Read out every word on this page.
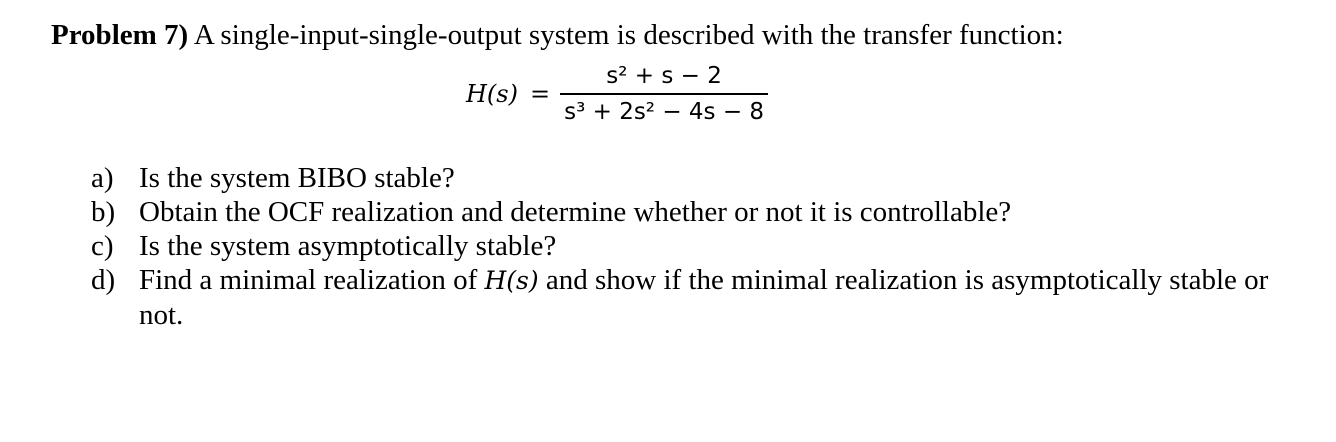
Problem 7) A single-input-single-output system is described with the transfer function:
$H(s) = \frac{\text{s² + s − 2}}{\text{s³ + 2s² − 4s − 8}}$
a) Is the system BIBO stable?
b) Obtain the OCF realization and determine whether or not it is controllable?
c) Is the system asymptotically stable?
d) Find a minimal realization of H(s) and show if the minimal realization is asymptotically stable or not.
